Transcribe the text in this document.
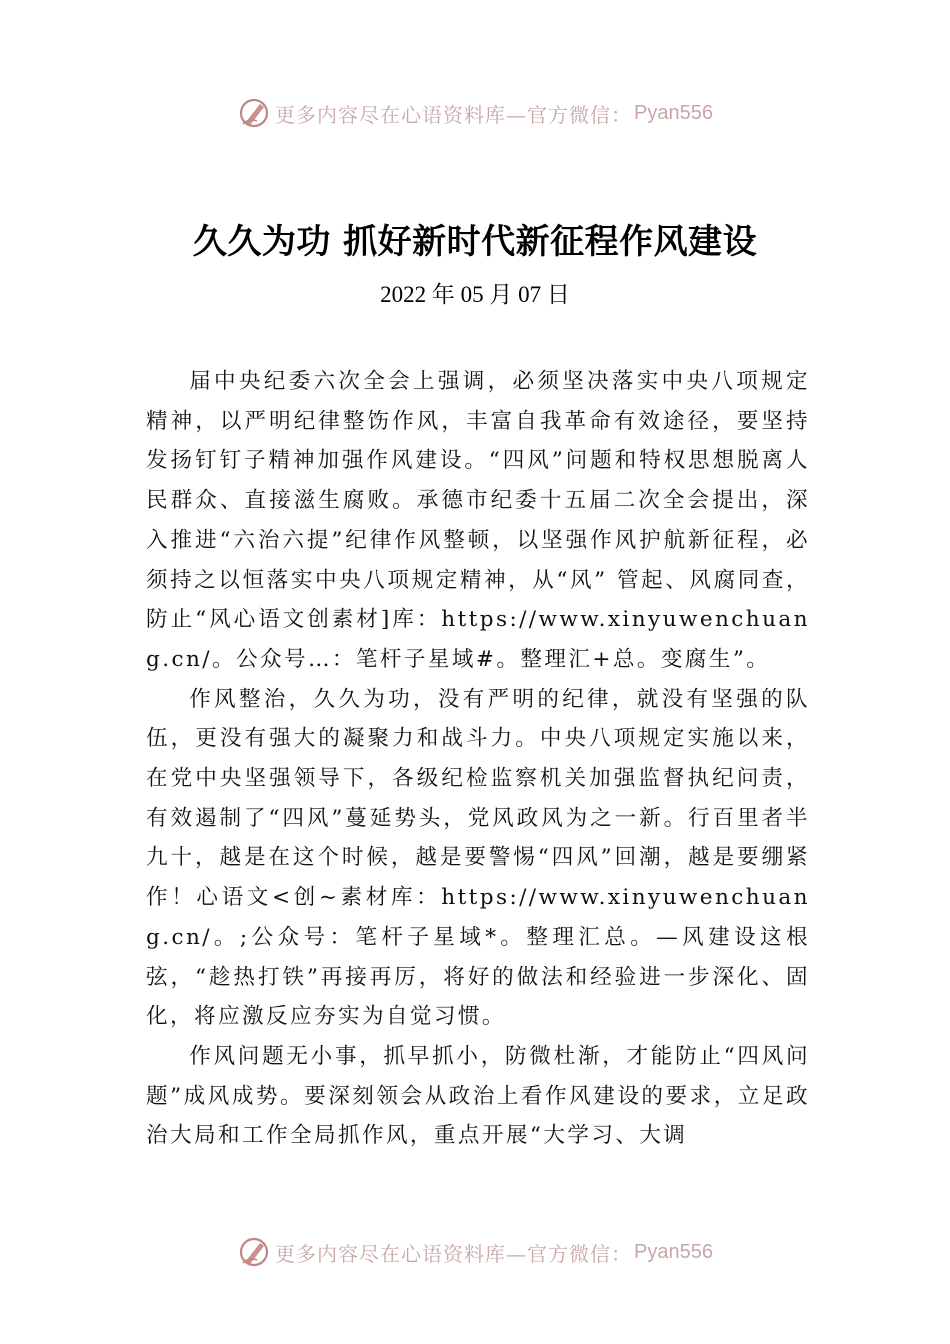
更多内容尽在心语资料库—官方微信： Pyan556
久久为功 抓好新时代新征程作风建设
2022 年 05 月 07 日

届中央纪委六次全会上强调，必须坚决落实中央八项规定精神，以严明纪律整饬作风，丰富自我革命有效途径，要坚持发扬钉钉子精神加强作风建设。“四风”问题和特权思想脱离人民群众、直接滋生腐败。承德市纪委十五届二次全会提出，深入推进“六治六提”纪律作风整顿，以坚强作风护航新征程，必须持之以恒落实中央八项规定精神，从“风” 管起、风腐同查，防止“风心语文创素材]库：https://www.xinyuwenchuang.cn/。公众号…：笔杆子星域#。整理汇+总。变腐生”。

作风整治，久久为功，没有严明的纪律，就没有坚强的队伍，更没有强大的凝聚力和战斗力。中央八项规定实施以来，在党中央坚强领导下，各级纪检监察机关加强监督执纪问责，有效遏制了“四风”蔓延势头，党风政风为之一新。行百里者半九十，越是在这个时候，越是要警惕“四风”回潮，越是要绷紧作！心语文<创~素材库：https://www.xinyuwenchuang.cn/。;公众号：笔杆子星域*。整理汇总。—风建设这根弦，“趁热打铁”再接再厉，将好的做法和经验进一步深化、固化，将应激反应夯实为自觉习惯。

作风问题无小事，抓早抓小，防微杜渐，才能防止“四风问题”成风成势。要深刻领会从政治上看作风建设的要求，立足政治大局和工作全局抓作风，重点开展“大学习、大调

更多内容尽在心语资料库—官方微信： Pyan556
